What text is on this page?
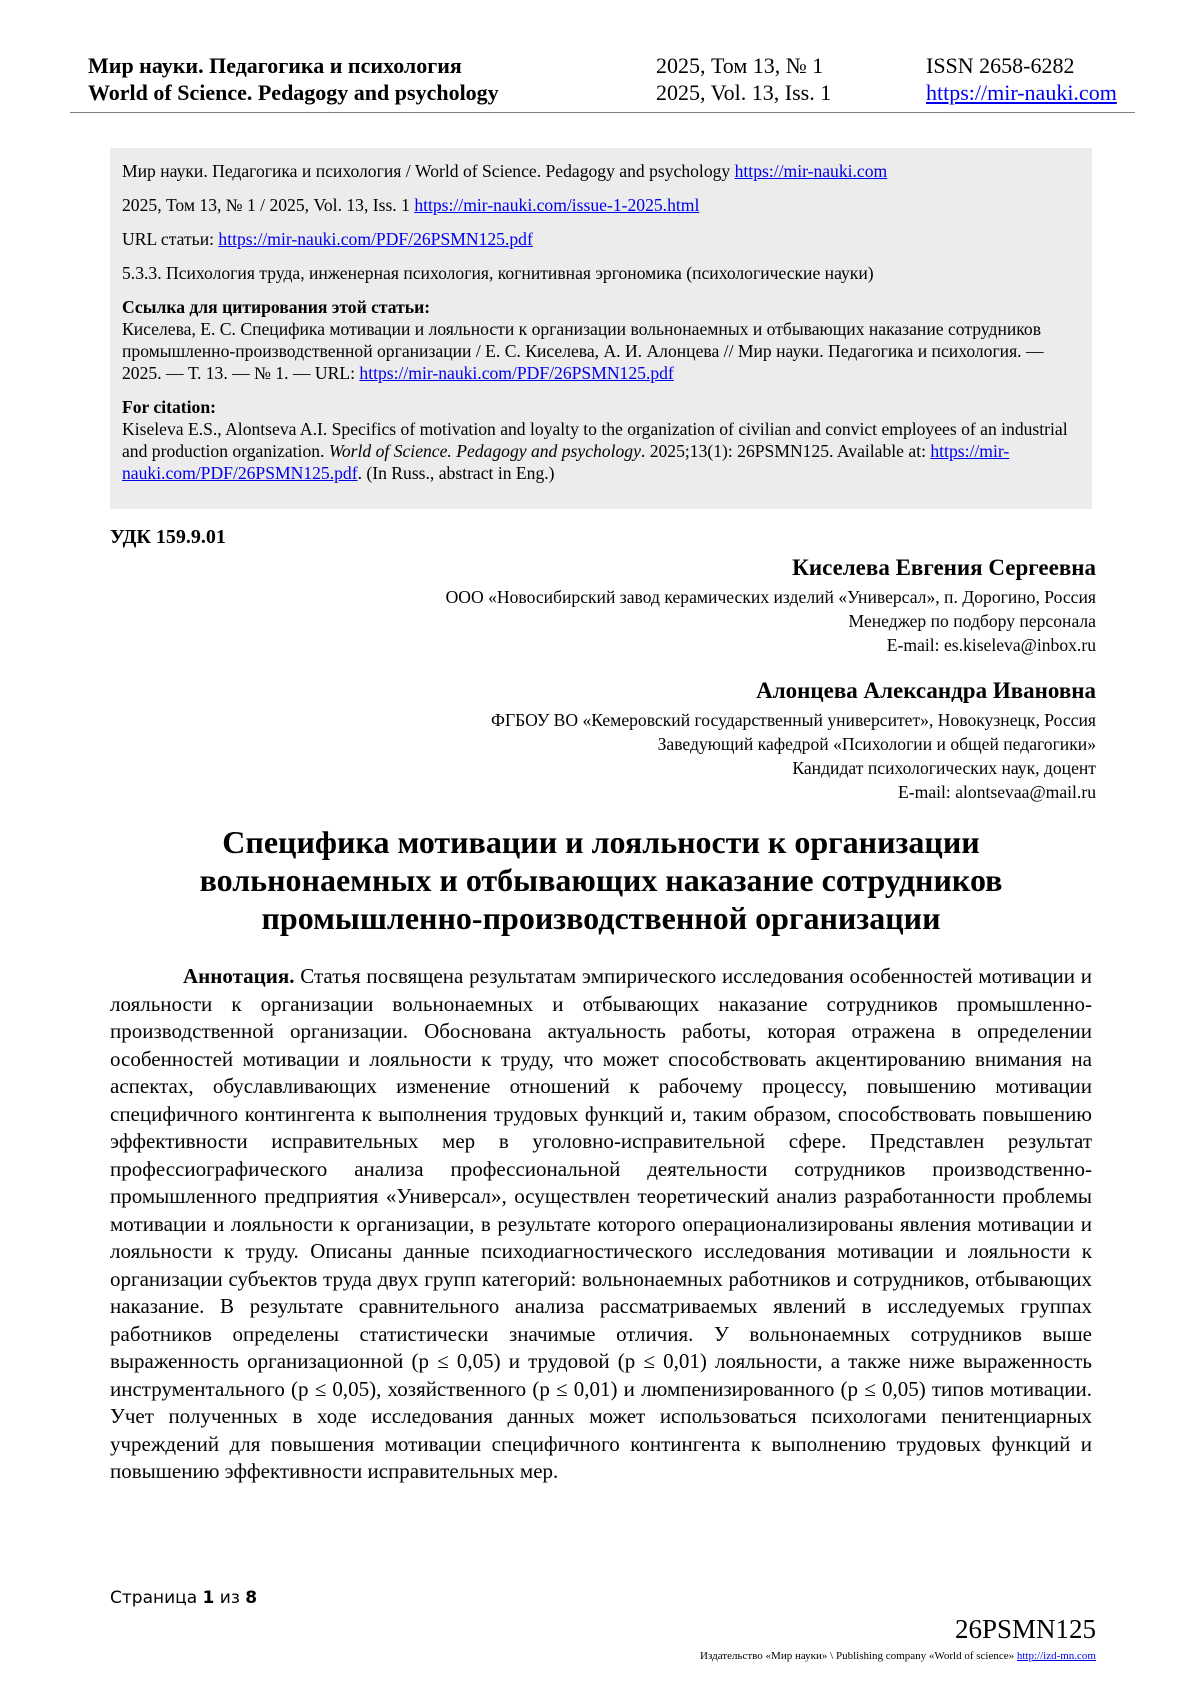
Мир науки. Педагогика и психология	2025, Том 13, № 1	ISSN 2658-6282
World of Science. Pedagogy and psychology	2025, Vol. 13, Iss. 1	https://mir-nauki.com

Мир науки. Педагогика и психология / World of Science. Pedagogy and psychology https://mir-nauki.com

2025, Том 13, № 1 / 2025, Vol. 13, Iss. 1 https://mir-nauki.com/issue-1-2025.html

URL статьи: https://mir-nauki.com/PDF/26PSMN125.pdf

5.3.3. Психология труда, инженерная психология, когнитивная эргономика (психологические науки)

Ссылка для цитирования этой статьи:

Киселева, Е. С. Специфика мотивации и лояльности к организации вольнонаемных и отбывающих наказание сотрудников промышленно-производственной организации / Е. С. Киселева, А. И. Алонцева // Мир науки. Педагогика и психология. — 2025. — Т. 13. — № 1. — URL: https://mir-nauki.com/PDF/26PSMN125.pdf

For citation:

Kiseleva E.S., Alontseva A.I. Specifics of motivation and loyalty to the organization of civilian and convict employees of an industrial and production organization. World of Science. Pedagogy and psychology. 2025;13(1): 26PSMN125. Available at: https://mir-nauki.com/PDF/26PSMN125.pdf. (In Russ., abstract in Eng.)

УДК 159.9.01
Киселева Евгения Сергеевна
ООО «Новосибирский завод керамических изделий «Универсал», п. Дорогино, Россия
Менеджер по подбору персонала
E-mail: es.kiseleva@inbox.ru
Алонцева Александра Ивановна
ФГБОУ ВО «Кемеровский государственный университет», Новокузнецк, Россия
Заведующий кафедрой «Психологии и общей педагогики»
Кандидат психологических наук, доцент
E-mail: alontsevaa@mail.ru
Специфика мотивации и лояльности к организации
вольнонаемных и отбывающих наказание сотрудников
промышленно-производственной организации

Аннотация. Статья посвящена результатам эмпирического исследования особенностей мотивации и лояльности к организации вольнонаемных и отбывающих наказание сотрудников промышленно-производственной организации. Обоснована актуальность работы, которая отражена в определении особенностей мотивации и лояльности к труду, что может способствовать акцентированию внимания на аспектах, обуславливающих изменение отношений к рабочему процессу, повышению мотивации специфичного контингента к выполнения трудовых функций и, таким образом, способствовать повышению эффективности исправительных мер в уголовно-исправительной сфере. Представлен результат профессиографического анализа профессиональной деятельности сотрудников производственно-промышленного предприятия «Универсал», осуществлен теоретический анализ разработанности проблемы мотивации и лояльности к организации, в результате которого операционализированы явления мотивации и лояльности к труду. Описаны данные психодиагностического исследования мотивации и лояльности к организации субъектов труда двух групп категорий: вольнонаемных работников и сотрудников, отбывающих наказание. В результате сравнительного анализа рассматриваемых явлений в исследуемых группах работников определены статистически значимые отличия. У вольнонаемных сотрудников выше выраженность организационной (p ≤ 0,05) и трудовой (p ≤ 0,01) лояльности, а также ниже выраженность инструментального (p ≤ 0,05), хозяйственного (p ≤ 0,01) и люмпенизированного (p ≤ 0,05) типов мотивации. Учет полученных в ходе исследования данных может использоваться психологами пенитенциарных учреждений для повышения мотивации специфичного контингента к выполнению трудовых функций и повышению эффективности исправительных мер.

Страница 1 из 8
26PSMN125
Издательство «Мир науки» \ Publishing company «World of science» http://izd-mn.com
